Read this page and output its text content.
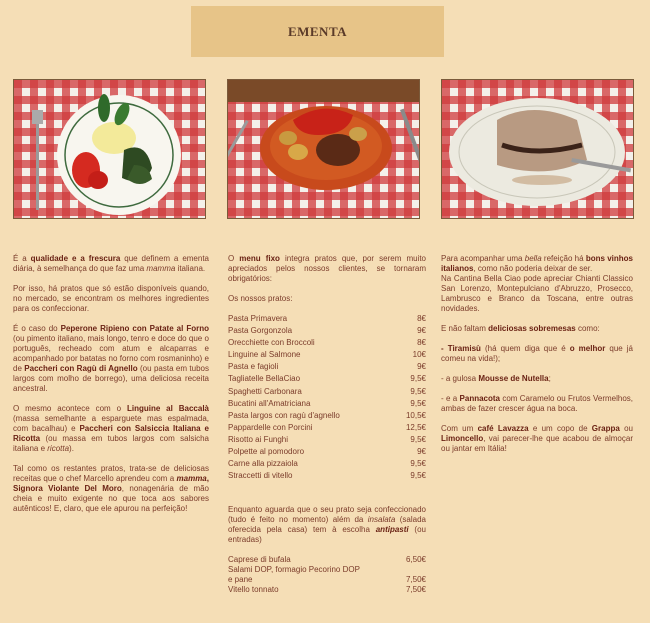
EMENTA

É a qualidade e a frescura que definem a ementa diária, à semelhança do que faz uma mamma italiana.

Por isso, há pratos que só estão disponíveis quando, no mercado, se encontram os melhores ingredientes para os confeccionar.

É o caso do Peperone Ripieno con Patate al Forno (ou pimento italiano, mais longo, tenro e doce do que o português, recheado com atum e alcaparras e acompanhado por batatas no forno com rosmaninho) e de Paccheri con Ragù di Agnello (ou pasta em tubos largos com molho de borrego), uma deliciosa receita ancestral.

O mesmo acontece com o Linguine al Baccalà (massa semelhante a esparguete mas espalmada, com bacalhau) e Paccheri con Salsiccia Italiana e Ricotta (ou massa em tubos largos com salsicha italiana e ricotta).

Tal como os restantes pratos, trata-se de deliciosas receitas que o chef Marcello aprendeu com a mamma, Signora Violante Del Moro, nonagenária de mão cheia e muito exigente no que toca aos sabores autênticos! E, claro, que ele apurou na perfeição!

O menu fixo integra pratos que, por serem muito apreciados pelos nossos clientes, se tornaram obrigatórios:

Os nossos pratos:

Pasta Primavera	8€
Pasta Gorgonzola	9€
Orecchiette con Broccoli	8€
Linguine al Salmone	10€
Pasta e fagioli	9€
Tagliatelle BellaCiao	9,5€
Spaghetti Carbonara	9,5€
Bucatini all'Amatriciana	9,5€
Pasta largos con ragù d'agnello	10,5€
Pappardelle con Porcini	12,5€
Risotto ai Funghi	9,5€
Polpette al pomodoro	9€
Carne alla pizzaiola	9,5€
Straccetti di vitello	9,5€

Enquanto aguarda que o seu prato seja confeccionado (tudo é feito no momento) além da insalata (salada oferecida pela casa) tem à escolha antipasti (ou entradas)

Caprese di bufala	6,50€
Salami DOP, formagio Pecorino DOP
e pane	7,50€
Vitello tonnato	7,50€

Para acompanhar uma bella refeição há bons vinhos italianos, como não poderia deixar de ser.

Na Cantina Bella Ciao pode apreciar Chianti Classico San Lorenzo, Montepulciano d'Abruzzo, Prosecco, Lambrusco e Branco da Toscana, entre outras novidades.

E não faltam deliciosas sobremesas como:

- Tiramisù (há quem diga que é o melhor que já comeu na vida!);

- a gulosa Mousse de Nutella;

- e a Pannacota com Caramelo ou Frutos Vermelhos, ambas de fazer crescer água na boca.

Com um café Lavazza e um copo de Grappa ou Limoncello, vai parecer-lhe que acabou de almoçar ou jantar em Itália!
